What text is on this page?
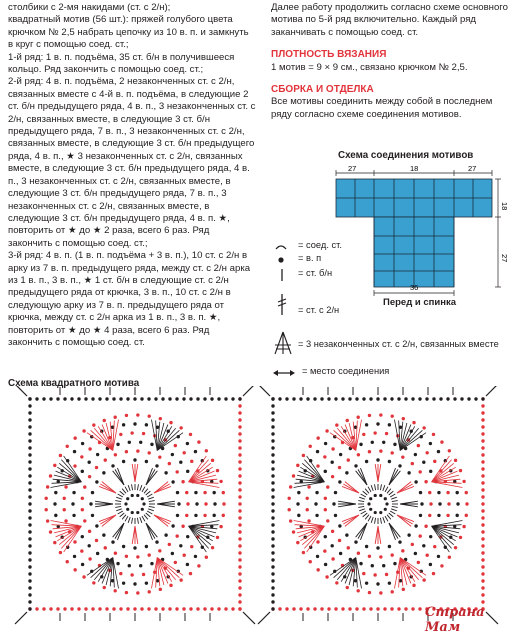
столбики с 2-мя накидами (ст. с 2/н);

квадратный мотив (56 шт.): пряжей голубого цвета крючком № 2,5 набрать цепочку из 10 в. п. и замкнуть в круг с помощью соед. ст.;

1-й ряд: 1 в. п. подъёма, 35 ст. б/н в получившееся кольцо. Ряд закончить с помощью соед. ст.;

2-й ряд: 4 в. п. подъёма, 2 незаконченных ст. с 2/н, связанных вместе с 4-й в. п. подъёма, в следующие 2 ст. б/н предыдущего ряда, 4 в. п., 3 незаконченных ст. с 2/н, связанных вместе, в следующие 3 ст. б/н предыдущего ряда, 7 в. п., 3 незаконченных ст. с 2/н, связанных вместе, в следующие 3 ст. б/н предыдущего ряда, 4 в. п., ★ 3 незаконченных ст. с 2/н, связанных вместе, в следующие 3 ст. б/н предыдущего ряда, 4 в. п., 3 незаконченных ст. с 2/н, связанных вместе, в следующие 3 ст. б/н предыдущего ряда, 7 в. п., 3 незаконченных ст. с 2/н, связанных вместе, в следующие 3 ст. б/н предыдущего ряда, 4 в. п. ★, повторить от ★ до ★ 2 раза, всего 6 раз. Ряд закончить с помощью соед. ст.;

3-й ряд: 4 в. п. (1 в. п. подъёма + 3 в. п.), 10 ст. с 2/н в арку из 7 в. п. предыдущего ряда, между ст. с 2/н арка из 1 в. п., 3 в. п., ★ 1 ст. б/н в следующие ст. с 2/н предыдущего ряда от крючка, 3 в. п., 10 ст. с 2/н в следующую арку из 7 в. п. предыдущего ряда от крючка, между ст. с 2/н арка из 1 в. п., 3 в. п. ★, повторить от ★ до ★ 4 раза, всего 6 раз. Ряд закончить с помощью соед. ст.

Далее работу продолжить согласно схеме основного мотива по 5-й ряд включительно. Каждый ряд заканчивать с помощью соед. ст.

ПЛОТНОСТЬ ВЯЗАНИЯ

1 мотив = 9 × 9 см., связано крючком № 2,5.

СБОРКА И ОТДЕЛКА

Все мотивы соединить между собой в последнем ряду согласно схеме соединения мотивов.

Схема соединения мотивов
27	18	27
18
27
36
Перед и спинка
= соед. ст.
= в. п
= ст. б/н
= ст. с 2/н
= 3 незаконченных ст. с 2/н, связанных вместе
= место соединения
Схема квадратного мотива
Страна Мам
